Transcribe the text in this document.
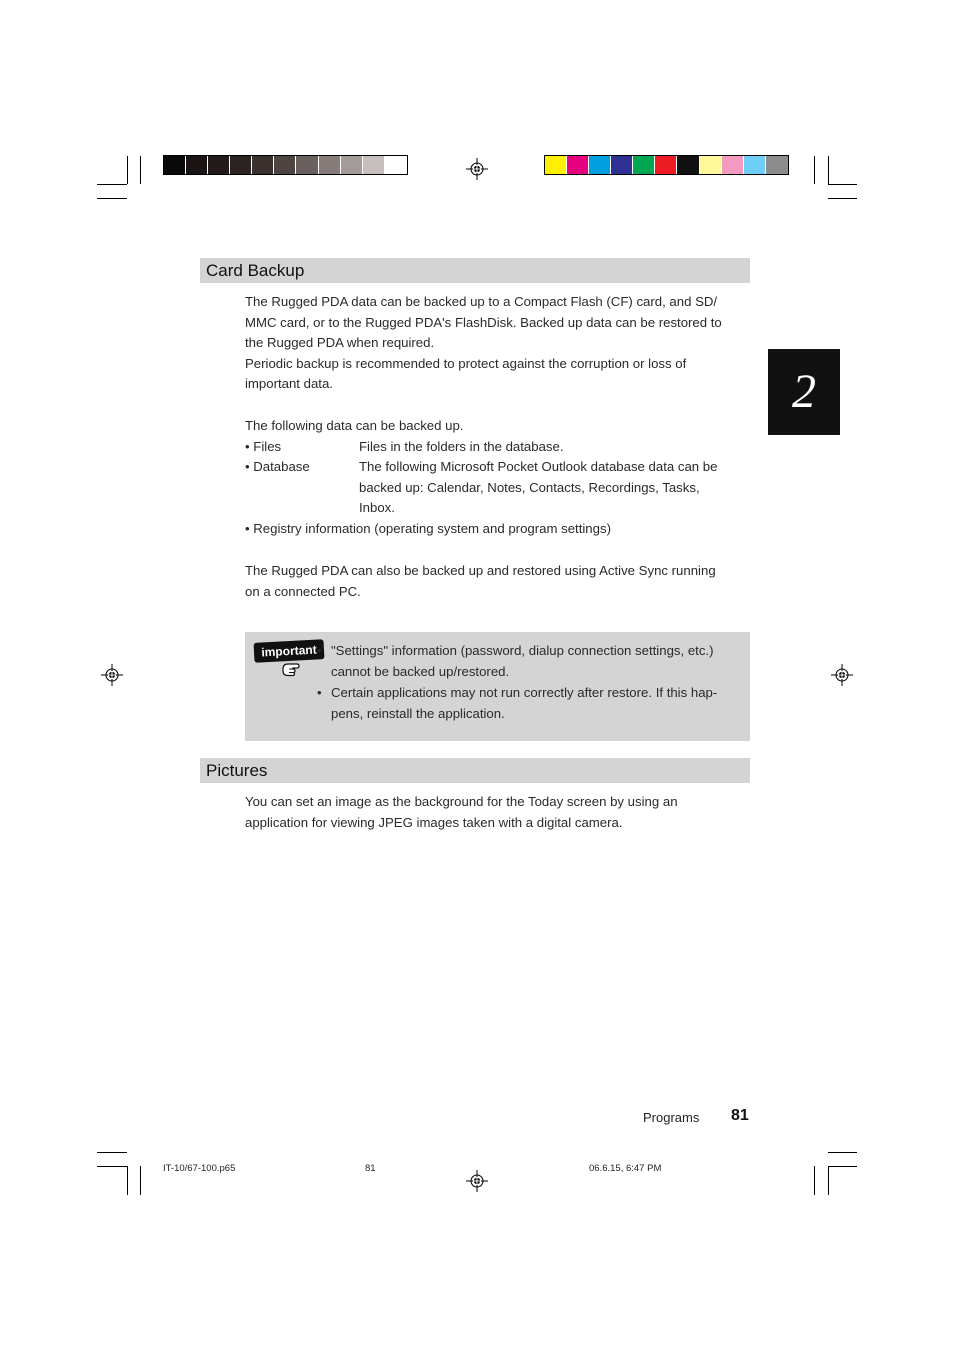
2
Card Backup
The Rugged PDA data can be backed up to a Compact Flash (CF) card, and SD/
MMC card, or to the Rugged PDA's FlashDisk. Backed up data can be restored to
the Rugged PDA when required.
Periodic backup is recommended to protect against the corruption or loss of
important data.
The following data can be backed up.
• Files	Files in the folders in the database.
• Database	The following Microsoft Pocket Outlook database data can be
backed up: Calendar, Notes, Contacts, Recordings, Tasks,
Inbox.
• Registry information (operating system and program settings)
The Rugged PDA can also be backed up and restored using Active Sync running
on a connected PC.
important • "Settings" information (password, dialup connection settings, etc.)
cannot be backed up/restored.
• Certain applications may not run correctly after restore. If this hap-
pens, reinstall the application.
Pictures
You can set an image as the background for the Today screen by using an
application for viewing JPEG images taken with a digital camera.
Programs 81
IT-10/67-100.p65	81	06.6.15, 6:47 PM
